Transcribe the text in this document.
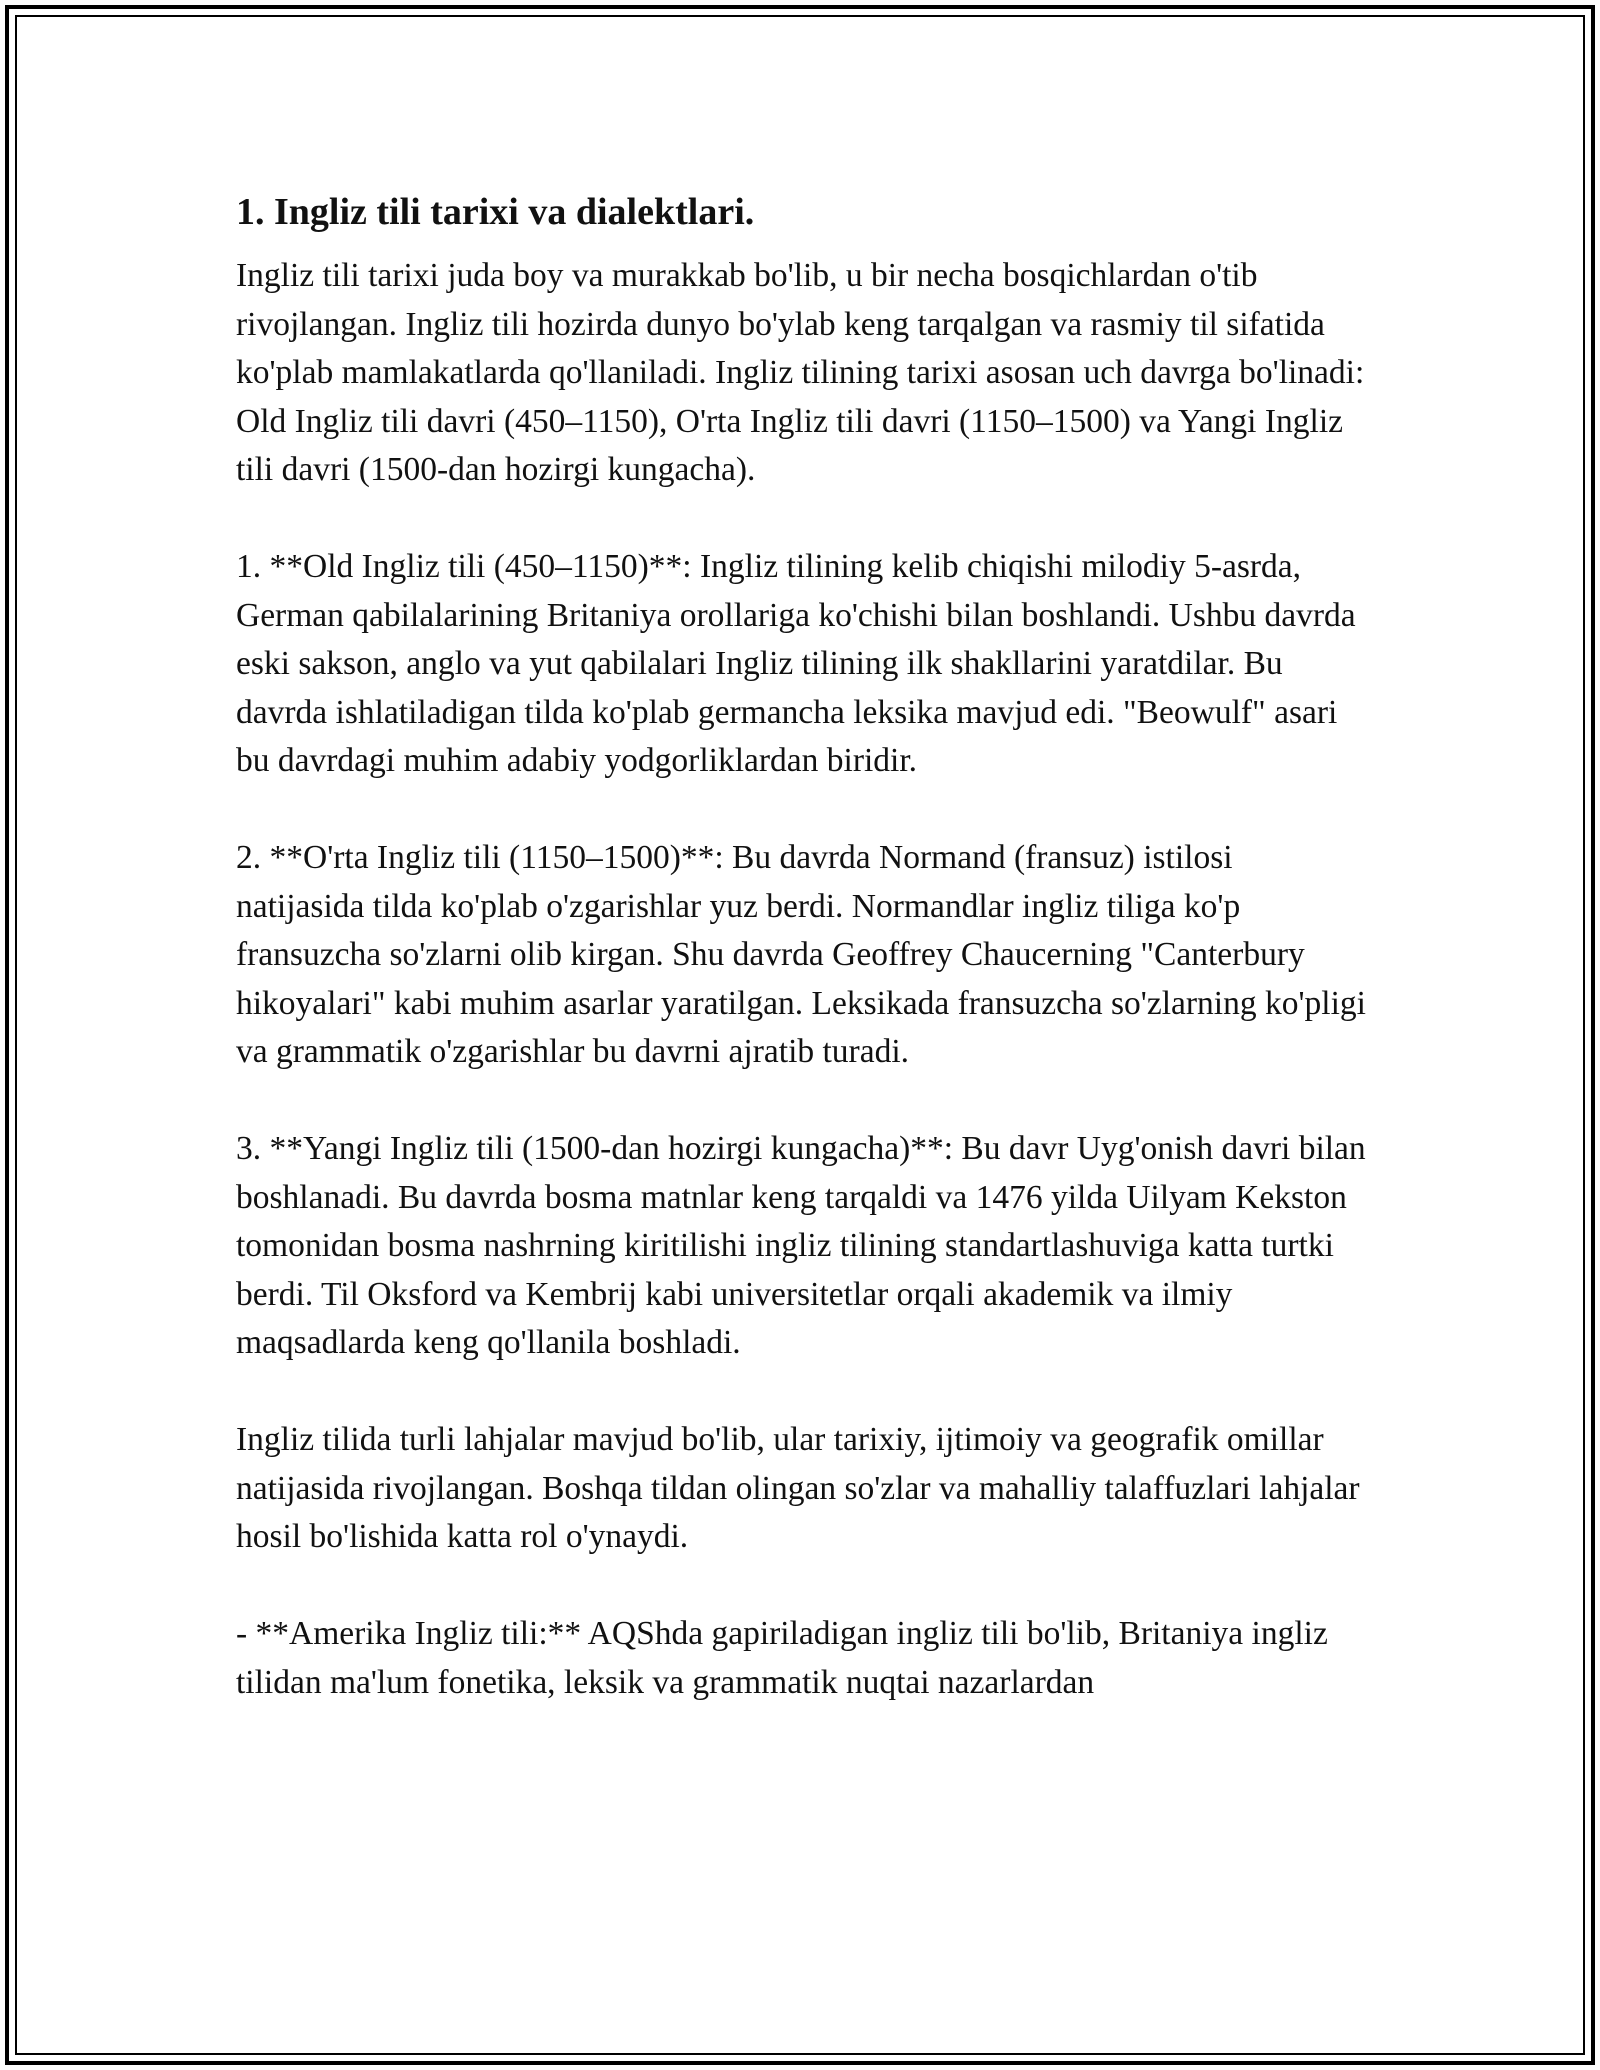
1. Ingliz tili tarixi va dialektlari.

Ingliz tili tarixi juda boy va murakkab bo'lib, u bir necha bosqichlardan o'tib rivojlangan. Ingliz tili hozirda dunyo bo'ylab keng tarqalgan va rasmiy til sifatida ko'plab mamlakatlarda qo'llaniladi. Ingliz tilining tarixi asosan uch davrga bo'linadi: Old Ingliz tili davri (450–1150), O'rta Ingliz tili davri (1150–1500) va Yangi Ingliz tili davri (1500-dan hozirgi kungacha).

1. **Old Ingliz tili (450–1150)**: Ingliz tilining kelib chiqishi milodiy 5-asrda, German qabilalarining Britaniya orollariga ko'chishi bilan boshlandi. Ushbu davrda eski sakson, anglo va yut qabilalari Ingliz tilining ilk shakllarini yaratdilar. Bu davrda ishlatiladigan tilda ko'plab germancha leksika mavjud edi. "Beowulf" asari bu davrdagi muhim adabiy yodgorliklardan biridir.

2. **O'rta Ingliz tili (1150–1500)**: Bu davrda Normand (fransuz) istilosi natijasida tilda ko'plab o'zgarishlar yuz berdi. Normandlar ingliz tiliga ko'p fransuzcha so'zlarni olib kirgan. Shu davrda Geoffrey Chaucerning "Canterbury hikoyalari" kabi muhim asarlar yaratilgan. Leksikada fransuzcha so'zlarning ko'pligi va grammatik o'zgarishlar bu davrni ajratib turadi.

3. **Yangi Ingliz tili (1500-dan hozirgi kungacha)**: Bu davr Uyg'onish davri bilan boshlanadi. Bu davrda bosma matnlar keng tarqaldi va 1476 yilda Uilyam Kekston tomonidan bosma nashrning kiritilishi ingliz tilining standartlashuviga katta turtki berdi. Til Oksford va Kembrij kabi universitetlar orqali akademik va ilmiy maqsadlarda keng qo'llanila boshladi.

Ingliz tilida turli lahjalar mavjud bo'lib, ular tarixiy, ijtimoiy va geografik omillar natijasida rivojlangan. Boshqa tildan olingan so'zlar va mahalliy talaffuzlari lahjalar hosil bo'lishida katta rol o'ynaydi.

- **Amerika Ingliz tili:** AQShda gapiriladigan ingliz tili bo'lib, Britaniya ingliz tilidan ma'lum fonetika, leksik va grammatik nuqtai nazarlardan
